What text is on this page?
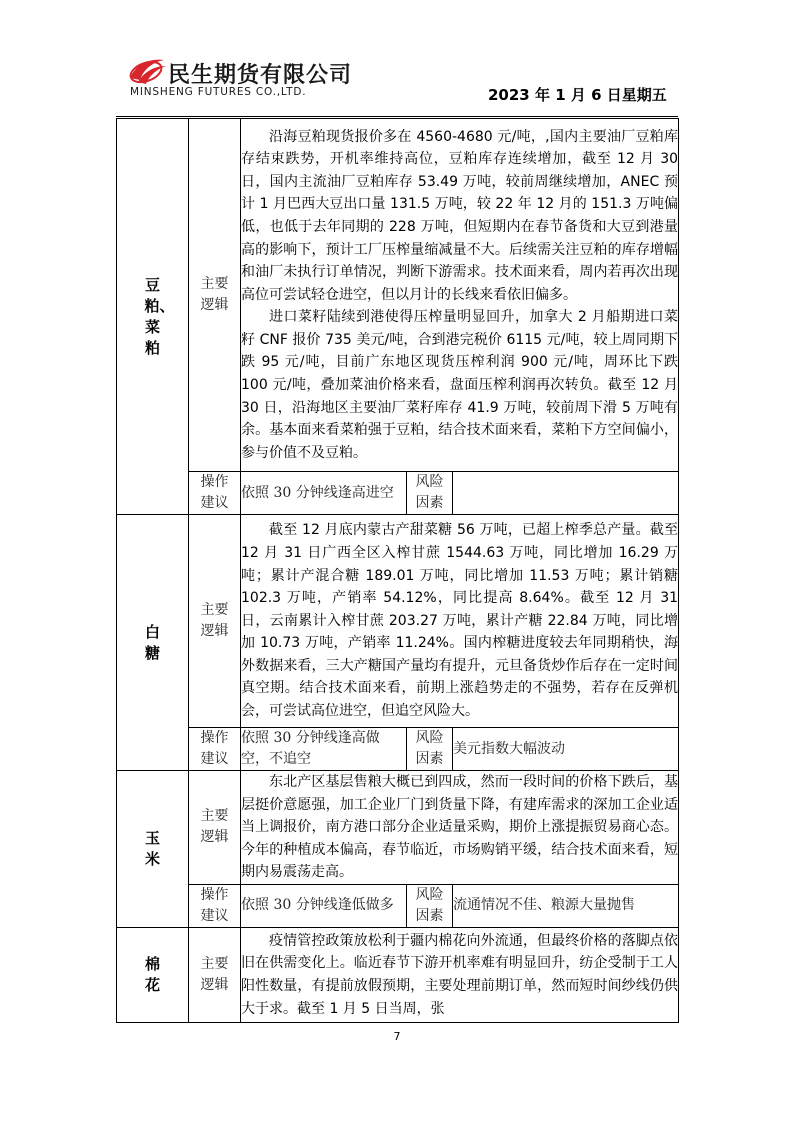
民生期货有限公司
MINSHENG FUTURES CO.,LTD.	2023 年 1 月 6 日星期五
豆粕、菜粕	主要逻辑	沿海豆粕现货报价多在 4560-4680 元/吨，,国内主要油厂豆粕库存结束跌势，开机率维持高位，豆粕库存连续增加，截至 12 月 30 日，国内主流油厂豆粕库存 53.49 万吨，较前周继续增加，ANEC 预计 1 月巴西大豆出口量 131.5 万吨，较 22 年 12 月的 151.3 万吨偏低，也低于去年同期的 228 万吨，但短期内在春节备货和大豆到港量高的影响下，预计工厂压榨量缩减量不大。后续需关注豆粕的库存增幅和油厂未执行订单情况，判断下游需求。技术面来看，周内若再次出现高位可尝试轻仓进空，但以月计的长线来看依旧偏多。

进口菜籽陆续到港使得压榨量明显回升，加拿大 2 月船期进口菜籽 CNF 报价 735 美元/吨，合到港完税价 6115 元/吨，较上周同期下跌 95 元/吨，目前广东地区现货压榨利润 900 元/吨，周环比下跌 100 元/吨，叠加菜油价格来看，盘面压榨利润再次转负。截至 12 月 30 日，沿海地区主要油厂菜籽库存 41.9 万吨，较前周下滑 5 万吨有余。基本面来看菜粕强于豆粕，结合技术面来看，菜粕下方空间偏小，参与价值不及豆粕。		

	操作建议	依照 30 分钟线逢高进空	风险因素	
白糖	主要逻辑	截至 12 月底内蒙古产甜菜糖 56 万吨，已超上榨季总产量。截至 12 月 31 日广西全区入榨甘蔗 1544.63 万吨，同比增加 16.29 万吨；累计产混合糖 189.01 万吨，同比增加 11.53 万吨；累计销糖 102.3 万吨，产销率 54.12%，同比提高 8.64%。截至 12 月 31 日，云南累计入榨甘蔗 203.27 万吨，累计产糖 22.84 万吨，同比增加 10.73 万吨，产销率 11.24%。国内榨糖进度较去年同期稍快，海外数据来看，三大产糖国产量均有提升，元旦备货炒作后存在一定时间真空期。结合技术面来看，前期上涨趋势走的不强势，若存在反弹机会，可尝试高位进空，但追空风险大。		

	操作建议	依照 30 分钟线逢高做空，不追空	风险因素	美元指数大幅波动
玉米	主要逻辑	东北产区基层售粮大概已到四成，然而一段时间的价格下跌后，基层挺价意愿强，加工企业厂门到货量下降，有建库需求的深加工企业适当上调报价，南方港口部分企业适量采购，期价上涨提振贸易商心态。今年的种植成本偏高，春节临近，市场购销平缓，结合技术面来看，短期内易震荡走高。		

	操作建议	依照 30 分钟线逢低做多	风险因素	流通情况不佳、粮源大量抛售
棉花	主要逻辑	疫情管控政策放松利于疆内棉花向外流通，但最终价格的落脚点依旧在供需变化上。临近春节下游开机率难有明显回升，纺企受制于工人阳性数量，有提前放假预期，主要处理前期订单，然而短时间纱线仍供大于求。截至 1 月 5 日当周，张		

7
